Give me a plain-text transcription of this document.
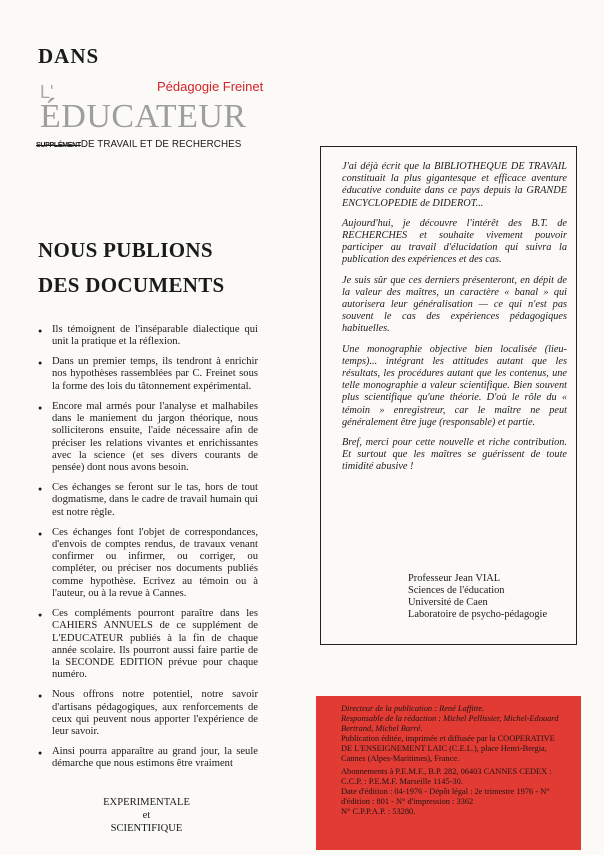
DANS
L'	Pédagogie Freinet
ÉDUCATEUR
SUPPLÉMENTDE TRAVAIL ET DE RECHERCHES
NOUS PUBLIONS
DES DOCUMENTS
● Ils témoignent de l'inséparable dialectique qui unit la pratique et la réflexion.
● Dans un premier temps, ils tendront à enrichir nos hypothèses rassemblées par C. Freinet sous la forme des lois du tâtonnement expérimental.
● Encore mal armés pour l'analyse et malhabiles dans le maniement du jargon théorique, nous solliciterons ensuite, l'aide nécessaire afin de préciser les relations vivantes et enrichissantes avec la science (et ses divers courants de pensée) dont nous avons besoin.
● Ces échanges se feront sur le tas, hors de tout dogmatisme, dans le cadre de travail humain qui est notre règle.
● Ces échanges font l'objet de correspondances, d'envois de comptes rendus, de travaux venant confirmer ou infirmer, ou corriger, ou compléter, ou préciser nos documents publiés comme hypothèse. Ecrivez au témoin ou à l'auteur, ou à la revue à Cannes.
● Ces compléments pourront paraître dans les CAHIERS ANNUELS de ce supplément de L'EDUCATEUR publiés à la fin de chaque année scolaire. Ils pourront aussi faire partie de la SECONDE EDITION prévue pour chaque numéro.
● Nous offrons notre potentiel, notre savoir d'artisans pédagogiques, aux renforcements de ceux qui peuvent nous apporter l'expérience de leur savoir.
● Ainsi pourra apparaître au grand jour, la seule démarche que nous estimons être vraiment
EXPERIMENTALE
et
SCIENTIFIQUE

J'ai déjà écrit que la BIBLIOTHEQUE DE TRAVAIL constituait la plus gigantesque et efficace aventure éducative conduite dans ce pays depuis la GRANDE ENCYCLOPEDIE de DIDEROT...

Aujourd'hui, je découvre l'intérêt des B.T. de RECHERCHES et souhaite vivement pouvoir participer au travail d'élucidation qui suivra la publication des expériences et des cas.

Je suis sûr que ces derniers présenteront, en dépit de la valeur des maîtres, un caractère « banal » qui autorisera leur généralisation — ce qui n'est pas souvent le cas des expériences pédagogiques habituelles.

Une monographie objective bien localisée (lieu-temps)... intégrant les attitudes autant que les résultats, les procédures autant que les contenus, une telle monographie a valeur scientifique. Bien souvent plus scientifique qu'une théorie. D'où le rôle du « témoin » enregistreur, car le maître ne peut généralement être juge (responsable) et partie.

Bref, merci pour cette nouvelle et riche contribution. Et surtout que les maîtres se guérissent de toute timidité abusive !

Professeur Jean VIAL
Sciences de l'éducation
Université de Caen
Laboratoire de psycho-pédagogie

Directeur de la publication : René Laffitte.

Responsable de la rédaction : Michel Pellissier, Michel-Edouard Bertrand, Michel Barré.

Publication éditée, imprimée et diffusée par la COOPERATIVE DE L'ENSEIGNEMENT LAIC (C.E.L.), place Henri-Bergia, Cannes (Alpes-Maritimes), France.

Abonnements à P.E.M.F., B.P. 282, 06403 CANNES CEDEX : C.C.P. : P.E.M.F. Marseille 1145-30.

Date d'édition : 04-1976 - Dépôt légal : 2e trimestre 1976 - N° d'édition : 801 - N° d'impression : 3362

N° C.P.P.A.P. : 53280.
